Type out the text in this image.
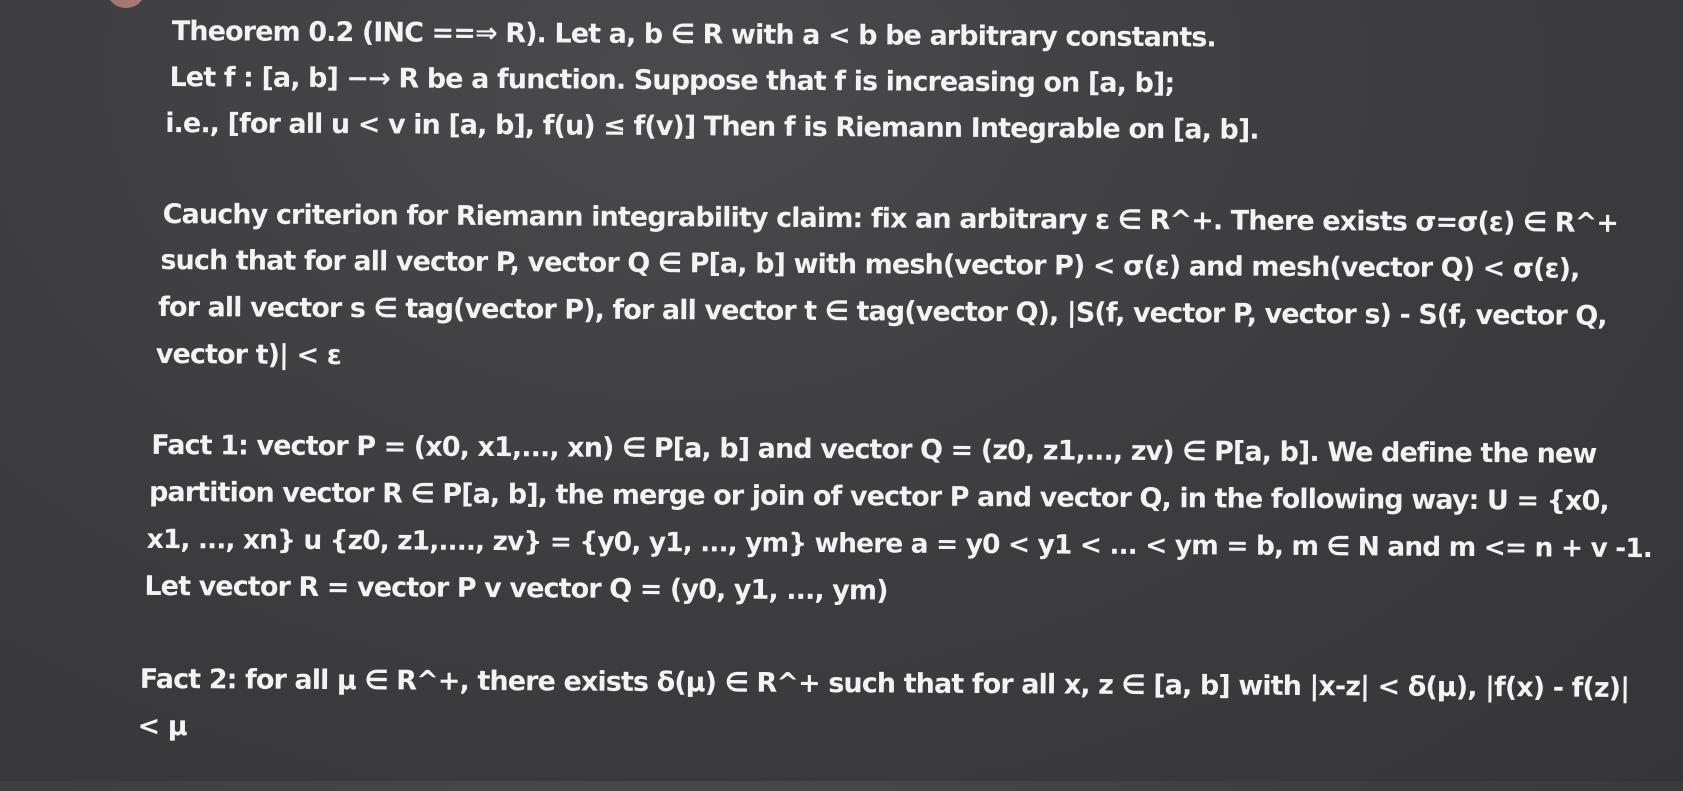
Theorem 0.2 (INC ==⇒ R). Let a, b ∈ R with a < b be arbitrary constants.
Let f : [a, b] −→ R be a function. Suppose that f is increasing on [a, b];
i.e., [for all u < v in [a, b], f(u) ≤ f(v)] Then f is Riemann Integrable on [a, b].
Cauchy criterion for Riemann integrability claim: fix an arbitrary ε ∈ R^+. There exists σ=σ(ε) ∈ R^+
such that for all vector P, vector Q ∈ P[a, b] with mesh(vector P) < σ(ε) and mesh(vector Q) < σ(ε),
for all vector s ∈ tag(vector P), for all vector t ∈ tag(vector Q), |S(f, vector P, vector s) - S(f, vector Q,
vector t)| < ε
Fact 1: vector P = (x0, x1,..., xn) ∈ P[a, b] and vector Q = (z0, z1,..., zv) ∈ P[a, b]. We define the new
partition vector R ∈ P[a, b], the merge or join of vector P and vector Q, in the following way: U = {x0,
x1, ..., xn} u {z0, z1,...., zv} = {y0, y1, ..., ym} where a = y0 < y1 < ... < ym = b, m ∈ N and m <= n + v -1.
Let vector R = vector P v vector Q = (y0, y1, ..., ym)
Fact 2: for all μ ∈ R^+, there exists δ(μ) ∈ R^+ such that for all x, z ∈ [a, b] with |x-z| < δ(μ), |f(x) - f(z)|
< μ
